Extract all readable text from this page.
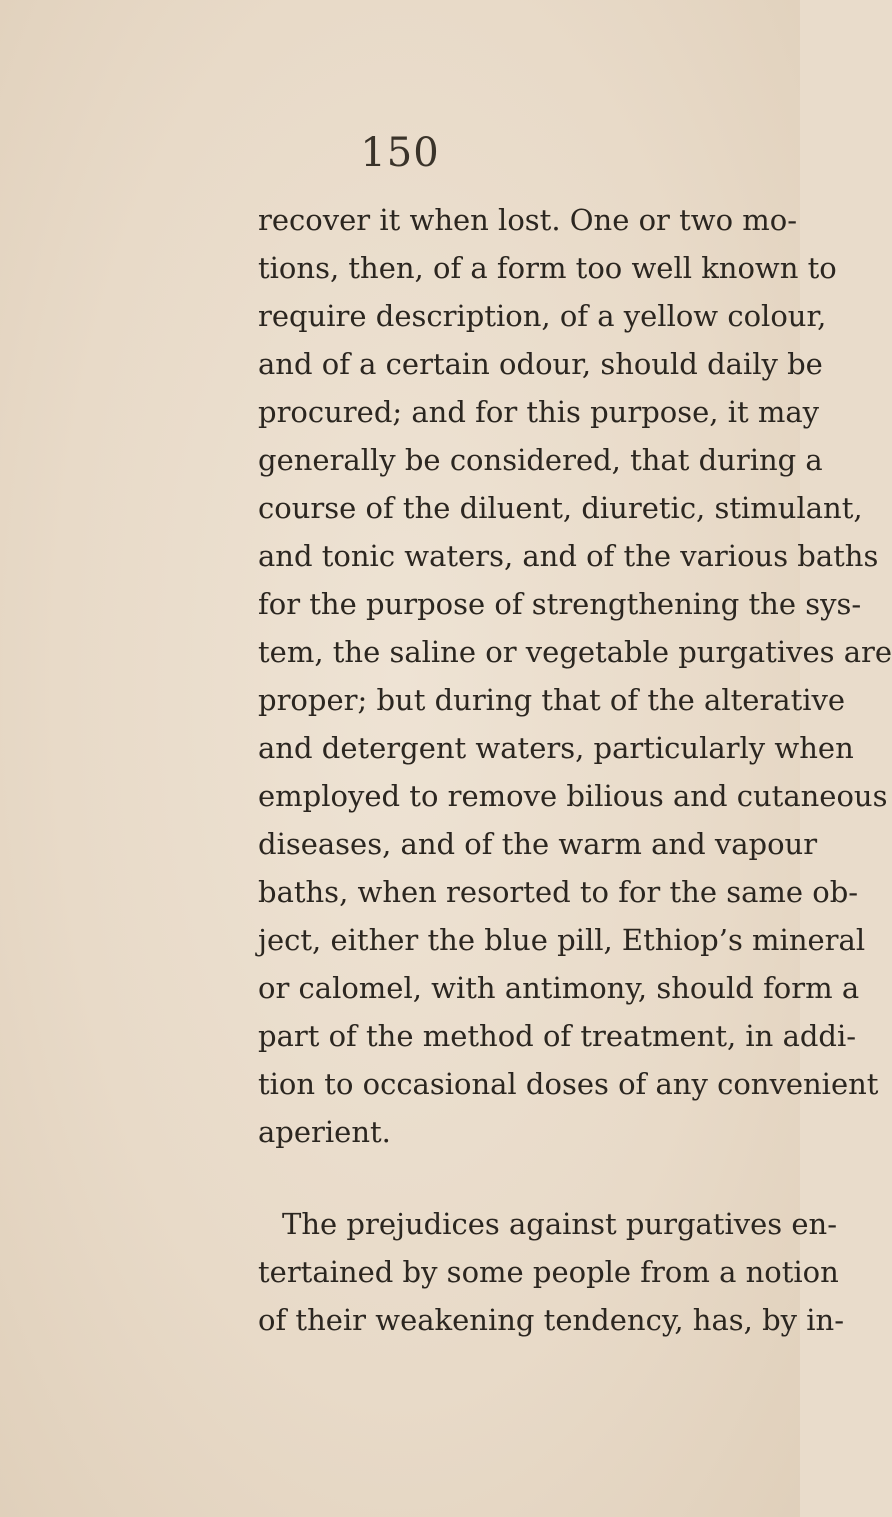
150
recover it when lost. One or two mo-
tions, then, of a form too well known to
require description, of a yellow colour,
and of a certain odour, should daily be
procured; and for this purpose, it may
generally be considered, that during a
course of the diluent, diuretic, stimulant,
and tonic waters, and of the various baths
for the purpose of strengthening the sys-
tem, the saline or vegetable purgatives are
proper; but during that of the alterative
and detergent waters, particularly when
employed to remove bilious and cutaneous
diseases, and of the warm and vapour
baths, when resorted to for the same ob-
ject, either the blue pill, Ethiop’s mineral
or calomel, with antimony, should form a
part of the method of treatment, in addi-
tion to occasional doses of any convenient
aperient.
The prejudices against purgatives en-
tertained by some people from a notion
of their weakening tendency, has, by in-
